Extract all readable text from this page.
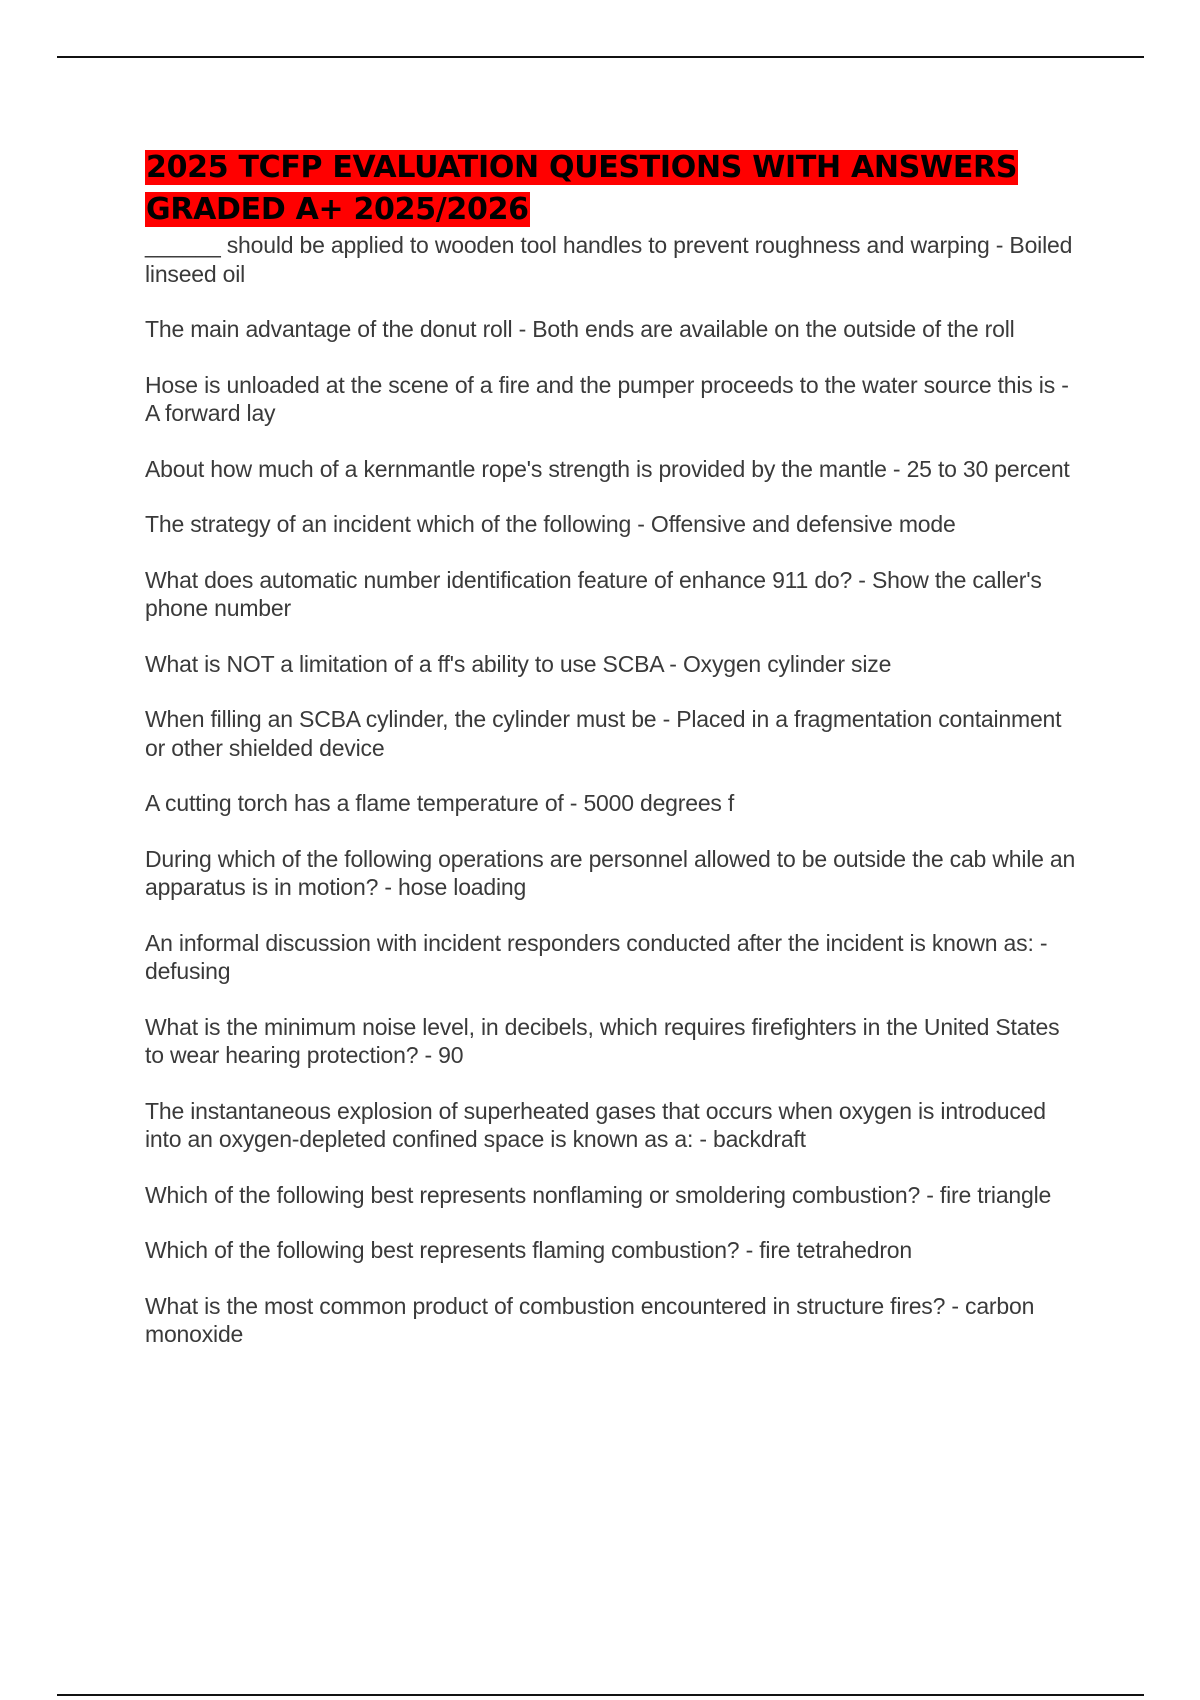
2025 TCFP EVALUATION QUESTIONS WITH ANSWERS
GRADED A+ 2025/2026
______ should be applied to wooden tool handles to prevent roughness and warping - Boiled linseed oil
The main advantage of the donut roll - Both ends are available on the outside of the roll
Hose is unloaded at the scene of a fire and the pumper proceeds to the water source this is - A forward lay
About how much of a kernmantle rope's strength is provided by the mantle - 25 to 30 percent
The strategy of an incident which of the following - Offensive and defensive mode
What does automatic number identification feature of enhance 911 do? - Show the caller's phone number
What is NOT a limitation of a ff's ability to use SCBA - Oxygen cylinder size
When filling an SCBA cylinder, the cylinder must be - Placed in a fragmentation containment or other shielded device
A cutting torch has a flame temperature of - 5000 degrees f
During which of the following operations are personnel allowed to be outside the cab while an apparatus is in motion? - hose loading
An informal discussion with incident responders conducted after the incident is known as: - defusing
What is the minimum noise level, in decibels, which requires firefighters in the United States to wear hearing protection? - 90
The instantaneous explosion of superheated gases that occurs when oxygen is introduced into an oxygen-depleted confined space is known as a: - backdraft
Which of the following best represents nonflaming or smoldering combustion? - fire triangle
Which of the following best represents flaming combustion? - fire tetrahedron
What is the most common product of combustion encountered in structure fires? - carbon monoxide
